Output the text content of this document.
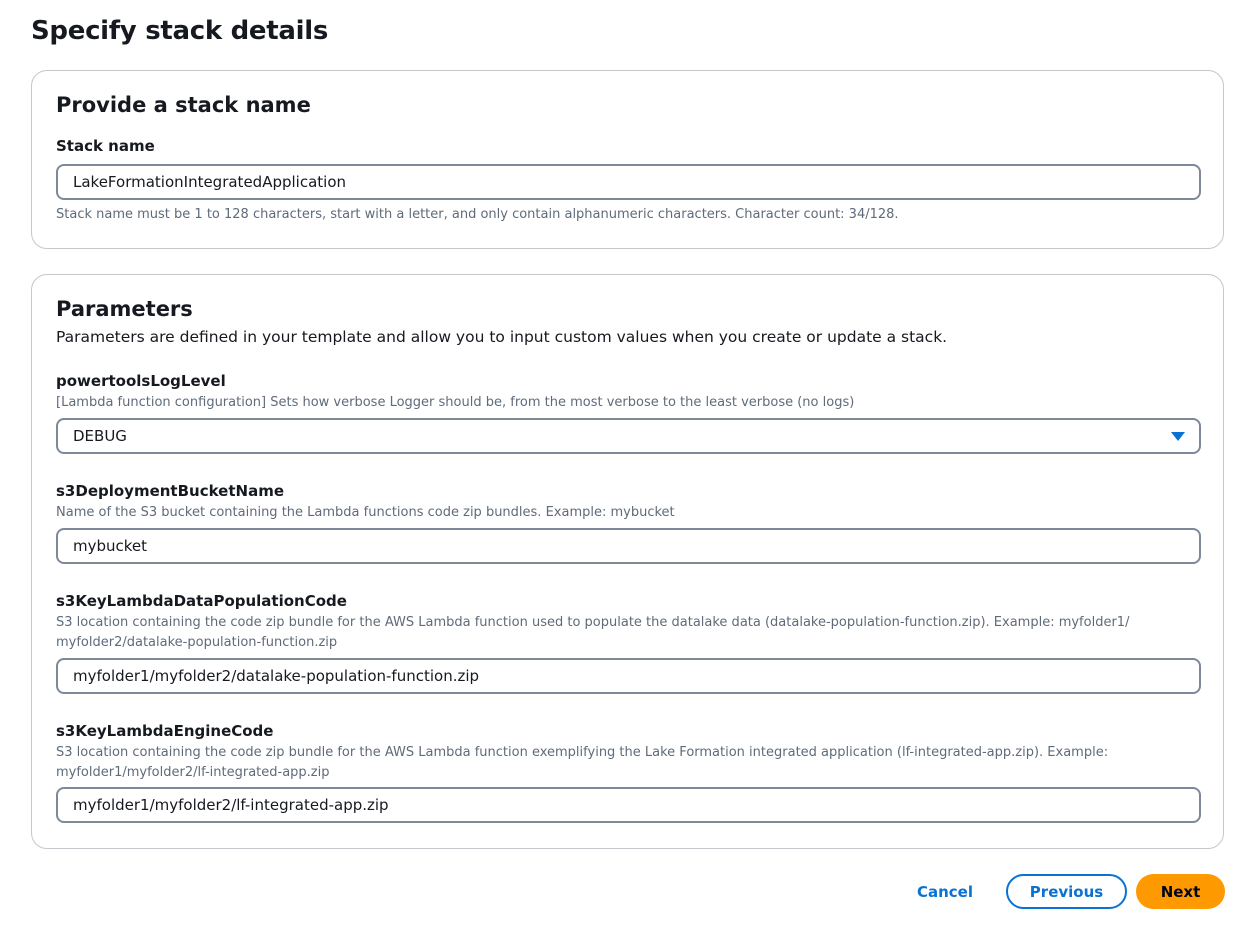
Specify stack details
Provide a stack name
Stack name
LakeFormationIntegratedApplication
Stack name must be 1 to 128 characters, start with a letter, and only contain alphanumeric characters. Character count: 34/128.
Parameters
Parameters are defined in your template and allow you to input custom values when you create or update a stack.
powertoolsLogLevel
[Lambda function configuration] Sets how verbose Logger should be, from the most verbose to the least verbose (no logs)
DEBUG
s3DeploymentBucketName
Name of the S3 bucket containing the Lambda functions code zip bundles. Example: mybucket
mybucket
s3KeyLambdaDataPopulationCode
S3 location containing the code zip bundle for the AWS Lambda function used to populate the datalake data (datalake-population-function.zip). Example: myfolder1/ myfolder2/datalake-population-function.zip
myfolder1/myfolder2/datalake-population-function.zip
s3KeyLambdaEngineCode
S3 location containing the code zip bundle for the AWS Lambda function exemplifying the Lake Formation integrated application (lf-integrated-app.zip). Example: myfolder1/myfolder2/lf-integrated-app.zip
myfolder1/myfolder2/lf-integrated-app.zip
Cancel	Previous	Next
